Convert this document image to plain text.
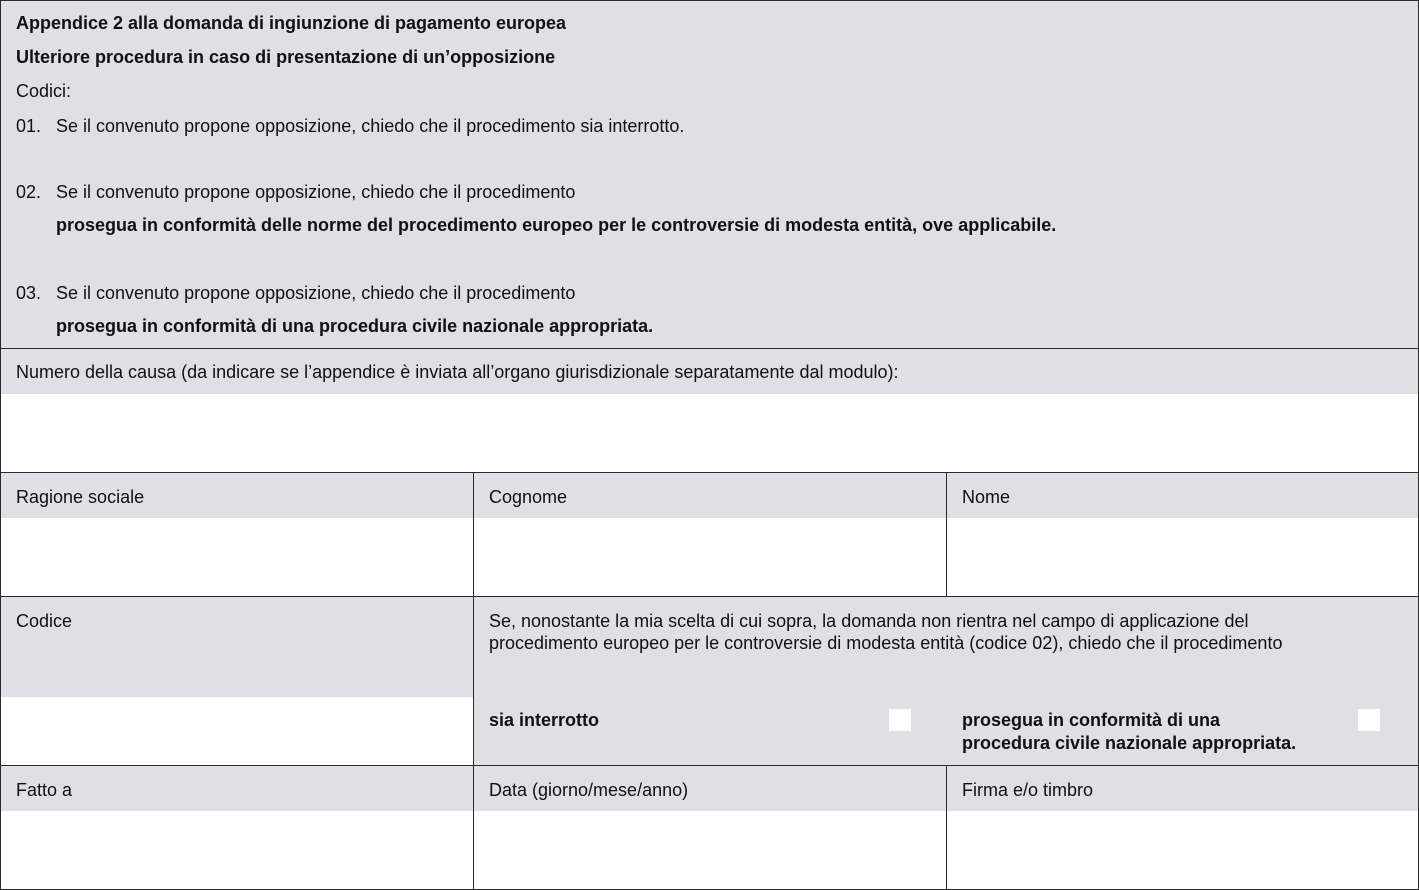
Appendice 2 alla domanda di ingiunzione di pagamento europea
Ulteriore procedura in caso di presentazione di un’opposizione
Codici:
01. Se il convenuto propone opposizione, chiedo che il procedimento sia interrotto.
02. Se il convenuto propone opposizione, chiedo che il procedimento
prosegua in conformità delle norme del procedimento europeo per le controversie di modesta entità, ove applicabile.
03. Se il convenuto propone opposizione, chiedo che il procedimento
prosegua in conformità di una procedura civile nazionale appropriata.
Numero della causa (da indicare se l’appendice è inviata all’organo giurisdizionale separatamente dal modulo):
Ragione sociale	Cognome	Nome
Codice	Se, nonostante la mia scelta di cui sopra, la domanda non rientra nel campo di applicazione del
procedimento europeo per le controversie di modesta entità (codice 02), chiedo che il procedimento
sia interrotto	prosegua in conformità di una
procedura civile nazionale appropriata.
Fatto a	Data (giorno/mese/anno)	Firma e/o timbro
